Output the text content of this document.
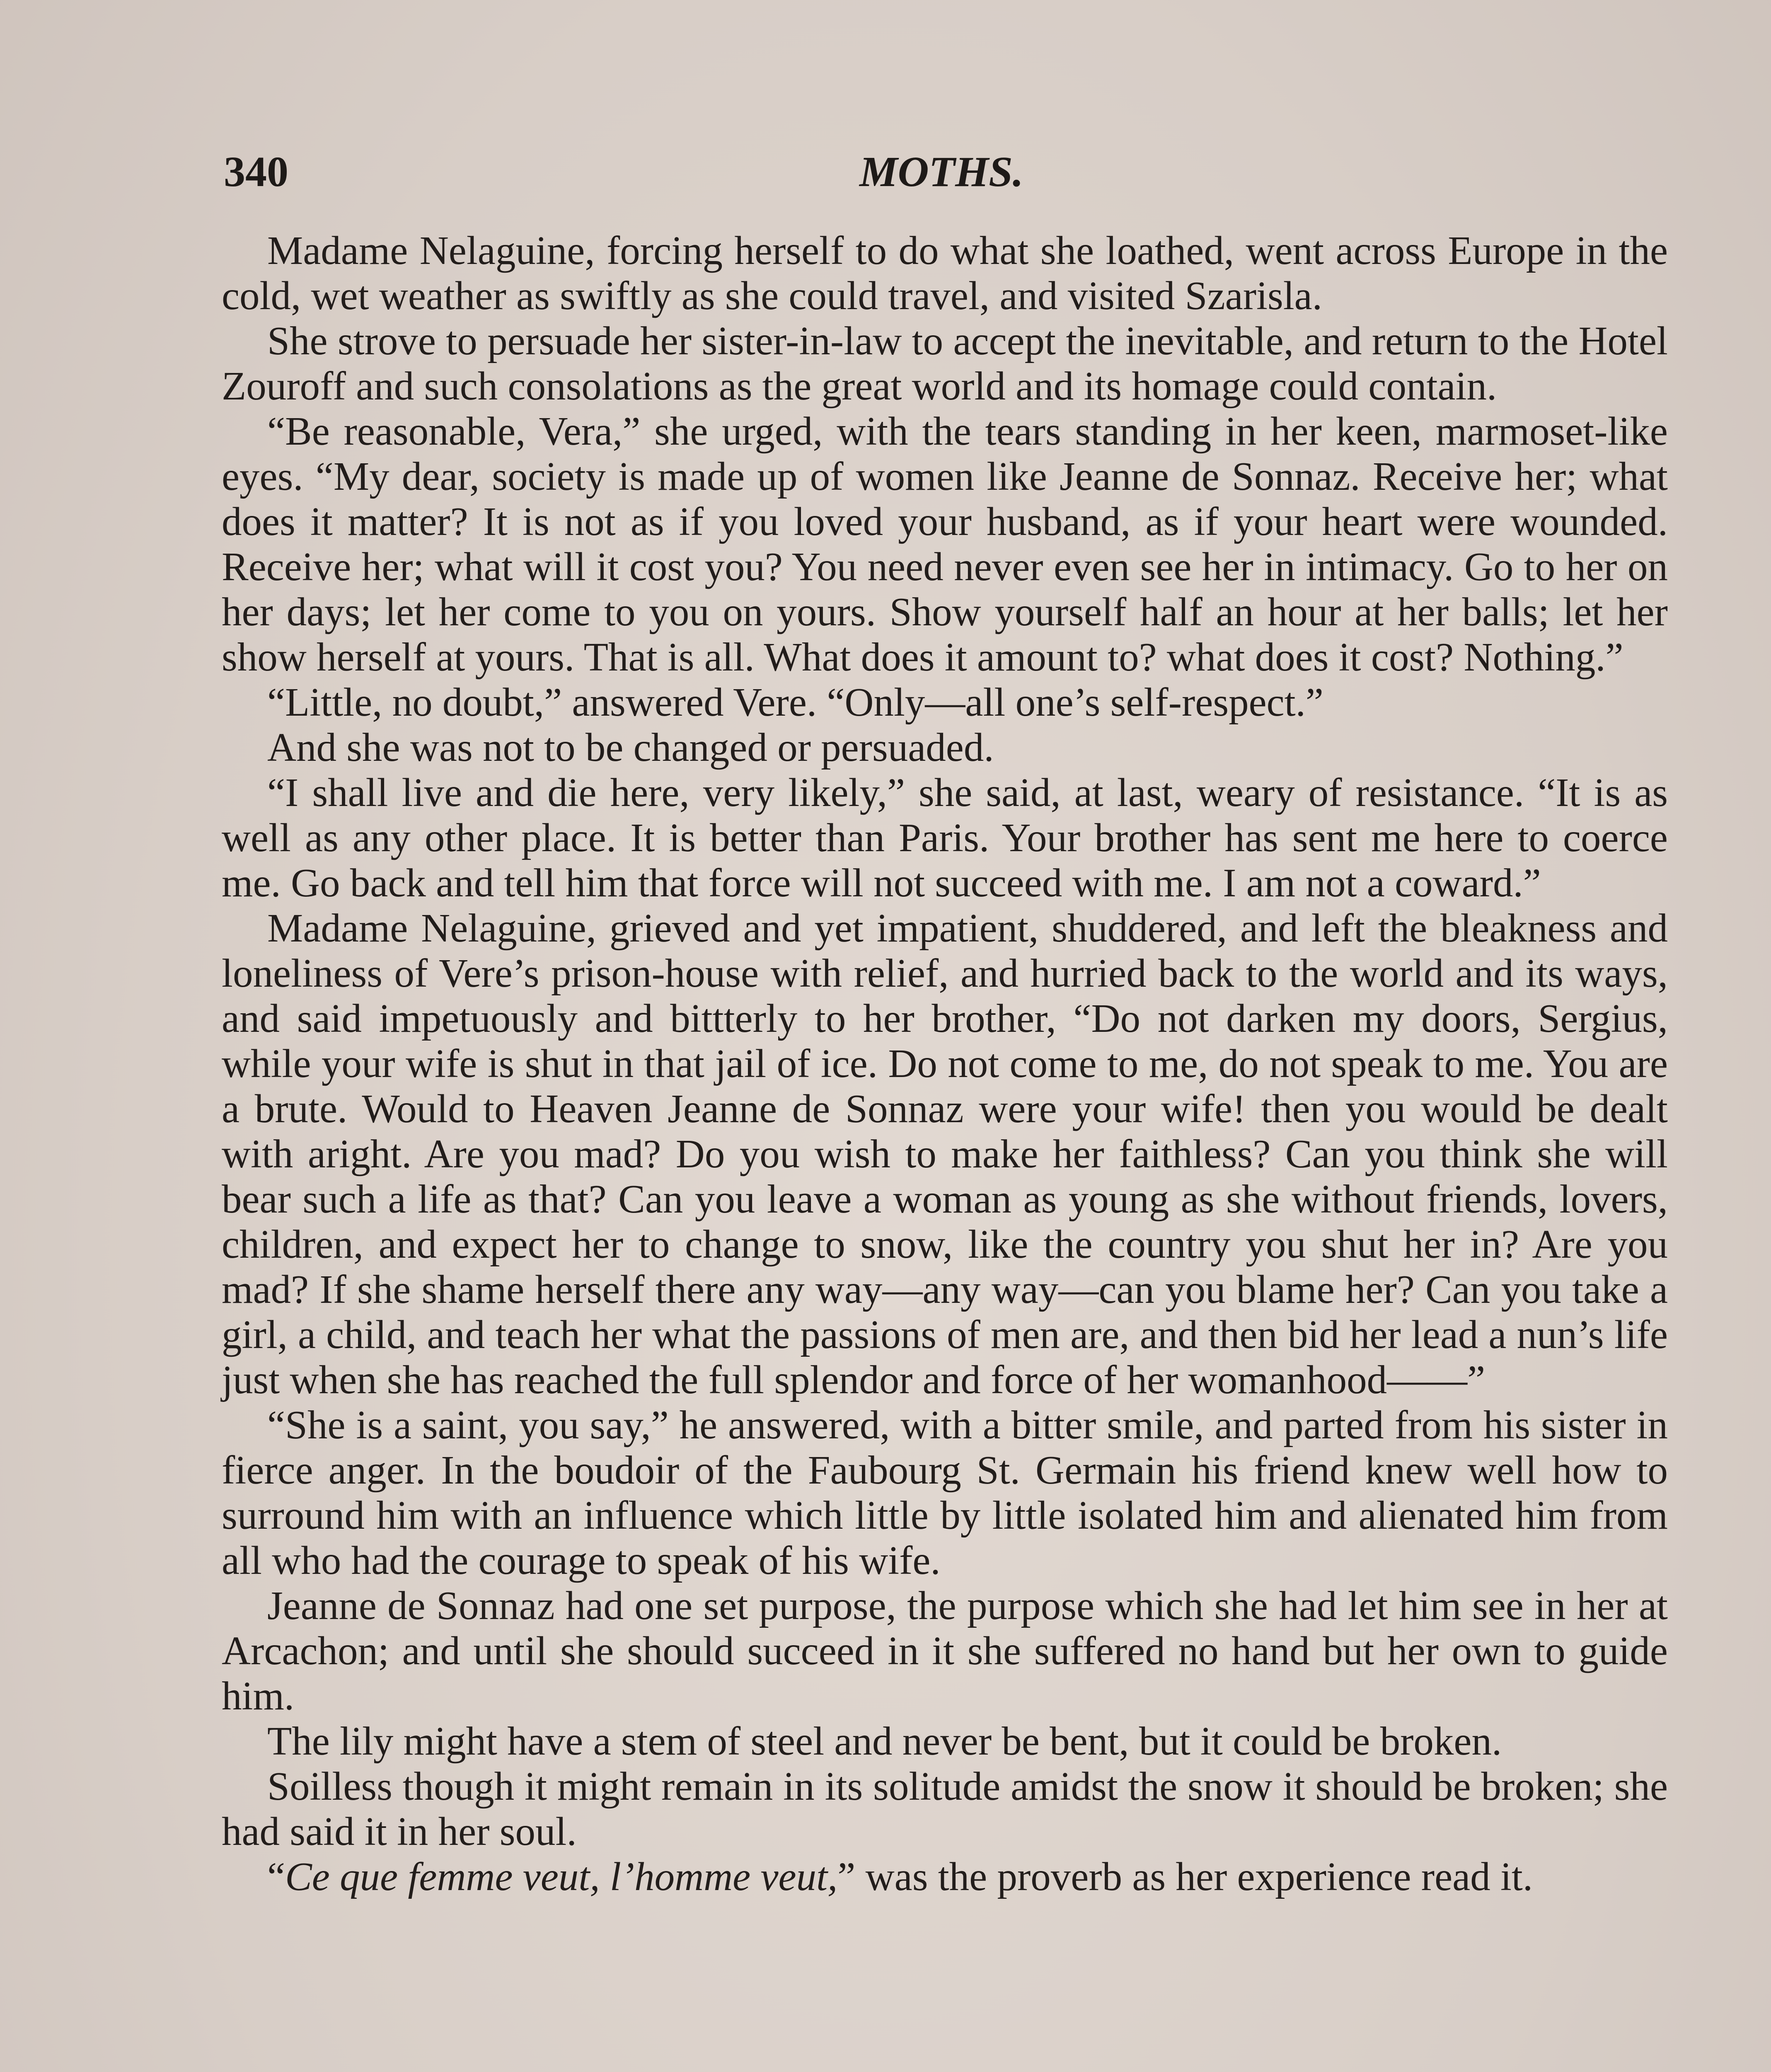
340	MOTHS.

Madame Nelaguine, forcing herself to do what she loathed, went across Europe in the cold, wet weather as swiftly as she could travel, and visited Szarisla.

She strove to persuade her sister-in-law to accept the inevitable, and return to the Hotel Zouroff and such consolations as the great world and its homage could contain.

“Be reasonable, Vera,” she urged, with the tears standing in her keen, marmoset-like eyes. “My dear, society is made up of women like Jeanne de Sonnaz. Receive her; what does it matter? It is not as if you loved your husband, as if your heart were wounded. Receive her; what will it cost you? You need never even see her in intimacy. Go to her on her days; let her come to you on yours. Show yourself half an hour at her balls; let her show herself at yours. That is all. What does it amount to? what does it cost? Nothing.”

“Little, no doubt,” answered Vere. “Only—all one’s self-respect.”

And she was not to be changed or persuaded.

“I shall live and die here, very likely,” she said, at last, weary of resistance. “It is as well as any other place. It is better than Paris. Your brother has sent me here to coerce me. Go back and tell him that force will not succeed with me. I am not a coward.”

Madame Nelaguine, grieved and yet impatient, shuddered, and left the bleakness and loneliness of Vere’s prison-house with relief, and hurried back to the world and its ways, and said impetuously and bittterly to her brother, “Do not darken my doors, Sergius, while your wife is shut in that jail of ice. Do not come to me, do not speak to me. You are a brute. Would to Heaven Jeanne de Sonnaz were your wife! then you would be dealt with aright. Are you mad? Do you wish to make her faithless? Can you think she will bear such a life as that? Can you leave a woman as young as she without friends, lovers, children, and expect her to change to snow, like the country you shut her in? Are you mad? If she shame herself there any way—any way—can you blame her? Can you take a girl, a child, and teach her what the passions of men are, and then bid her lead a nun’s life just when she has reached the full splendor and force of her womanhood——”

“She is a saint, you say,” he answered, with a bitter smile, and parted from his sister in fierce anger. In the boudoir of the Faubourg St. Germain his friend knew well how to surround him with an influence which little by little isolated him and alienated him from all who had the courage to speak of his wife.

Jeanne de Sonnaz had one set purpose, the purpose which she had let him see in her at Arcachon; and until she should succeed in it she suffered no hand but her own to guide him.

The lily might have a stem of steel and never be bent, but it could be broken.

Soilless though it might remain in its solitude amidst the snow it should be broken; she had said it in her soul.

“Ce que femme veut, l’homme veut,” was the proverb as her experience read it.
